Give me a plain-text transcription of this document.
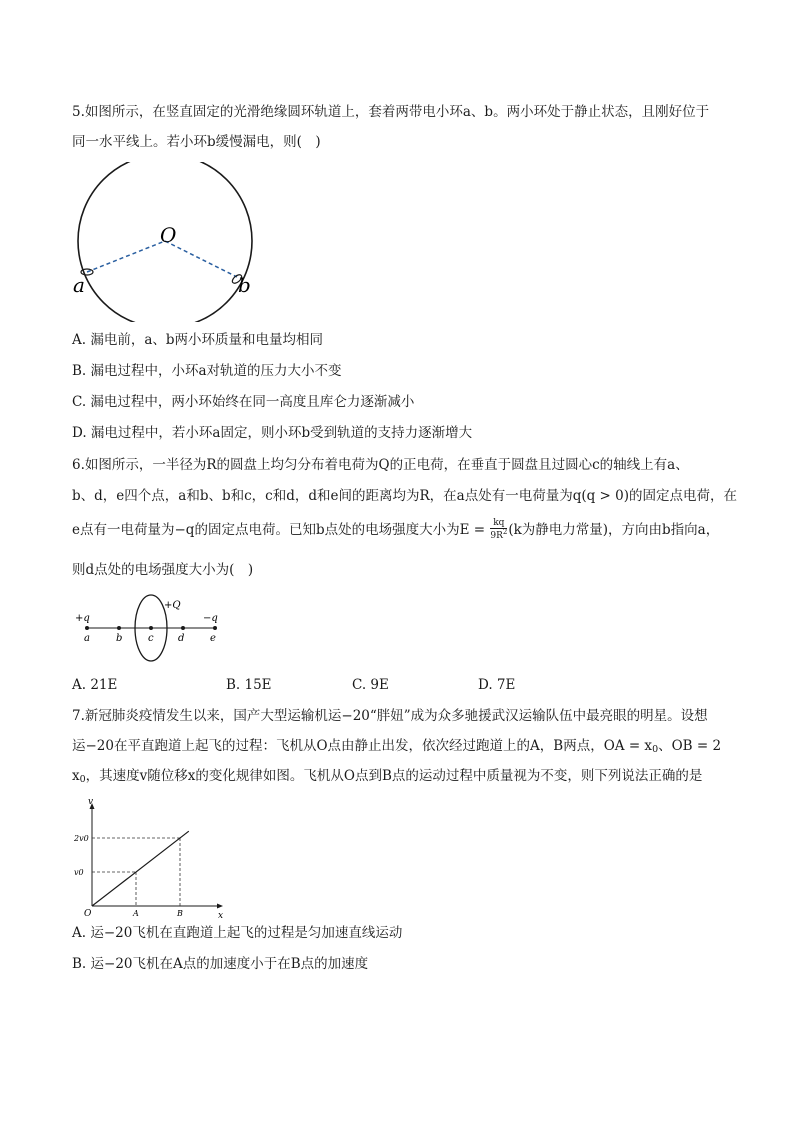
5.如图所示，在竖直固定的光滑绝缘圆环轨道上，套着两带电小环a、b。两小环处于静止状态，且刚好位于
同一水平线上。若小环b缓慢漏电，则( )
O
a	b
A. 漏电前，a、b两小环质量和电量均相同
B. 漏电过程中，小环a对轨道的压力大小不变
C. 漏电过程中，两小环始终在同一高度且库仑力逐渐减小
D. 漏电过程中，若小环a固定，则小环b受到轨道的支持力逐渐增大
6.如图所示，一半径为R的圆盘上均匀分布着电荷为Q的正电荷，在垂直于圆盘且过圆心c的轴线上有a、
b、d，e四个点，a和b、b和c，c和d，d和e间的距离均为R，在a点处有一电荷量为q(q > 0)的固定点电荷，在
e点有一电荷量为−q的固定点电荷。已知b点处的电场强度大小为$E = \frac{kq}{9R^2} (k$为静电力常量)，方向由b指向a，
则d点处的电场强度大小为( )
+q
+Q
−q
a	b	c d	e
A. 21E	B. 15E	C. 9E	D. 7E
7.新冠肺炎疫情发生以来，国产大型运输机运−20“胖妞”成为众多驰援武汉运输队伍中最亮眼的明星。设想
运−20在平直跑道上起飞的过程：飞机从O点由静止出发，依次经过跑道上的A，B两点，OA = $x_0$、OB = 2
$x_0$，其速度v随位移x的变化规律如图。飞机从O点到B点的运动过程中质量视为不变，则下列说法正确的是
A
v0
B
2v0
v
x
O
A. 运−20飞机在直跑道上起飞的过程是匀加速直线运动
B. 运−20飞机在A点的加速度小于在B点的加速度
